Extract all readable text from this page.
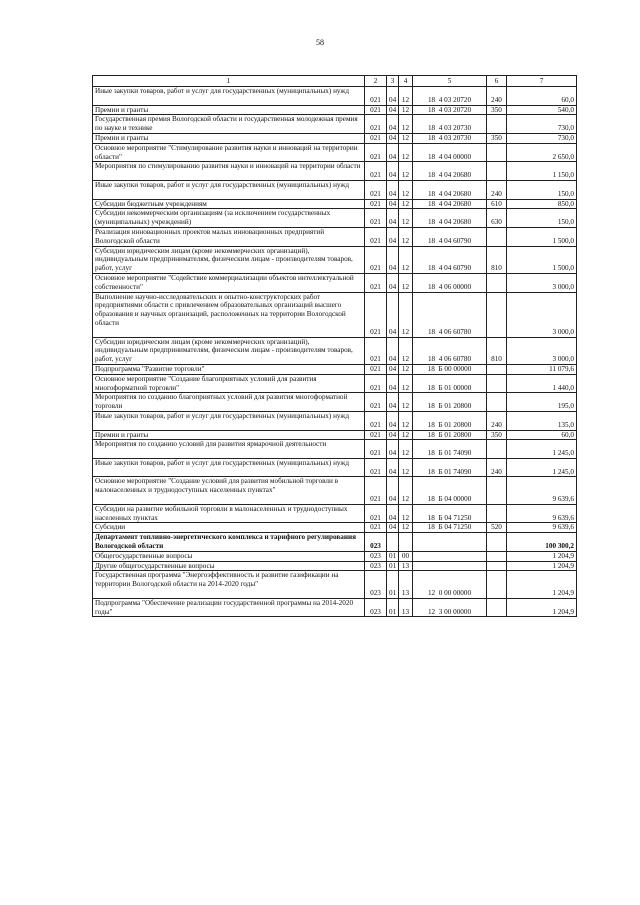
58
1	2	3	4	5	6	7

Иные закупки товаров, работ и услуг для государственных (муниципальных) нужд	021	04	12	18  4 03 20720	240	60,0

Премии и гранты	021	04	12	18  4 03 20720	350	540,0

Государственная премия Вологодской области и государственная молодежная премия по науке и технике	021	04	12	18  4 03 20730		730,0

Премии и гранты	021	04	12	18  4 03 20730	350	730,0

Основное мероприятие "Стимулирование развития науки и инноваций на территории области"	021	04	12	18  4 04 00000		2 650,0

Мероприятия по стимулированию развития науки и инноваций на территории области	021	04	12	18  4 04 20680		1 150,0

Иные закупки товаров, работ и услуг для государственных (муниципальных) нужд	021	04	12	18  4 04 20680	240	150,0

Субсидии бюджетным учреждениям	021	04	12	18  4 04 20680	610	850,0

Субсидии некоммерческим организациям (за исключением государственных (муниципальных) учреждений)	021	04	12	18  4 04 20680	630	150,0

Реализация инновационных проектов малых инновационных предприятий Вологодской области	021	04	12	18  4 04 60790		1 500,0

Субсидии юридическим лицам (кроме некоммерческих организаций), индивидуальным предпринимателям, физическим лицам - производителям товаров, работ, услуг	021	04	12	18  4 04 60790	810	1 500,0

Основное мероприятие "Содействие коммерциализации объектов интеллектуальной собственности"	021	04	12	18  4 06 00000		3 000,0

Выполнение научно-исследовательских и опытно-конструкторских работ предприятиями области с привлечением образовательных организаций высшего образования и научных организаций, расположенных на территории Вологодской области	021	04	12	18  4 06 60780		3 000,0

Субсидии юридическим лицам (кроме некоммерческих организаций), индивидуальным предпринимателям, физическим лицам - производителям товаров, работ, услуг	021	04	12	18  4 06 60780	810	3 000,0

Подпрограмма "Развитие торговли"	021	04	12	18  Б 00 00000		11 079,6

Основное мероприятие "Создание благоприятных условий для развития многоформатной торговли"	021	04	12	18  Б 01 00000		1 440,0

Мероприятия по созданию благоприятных условий для развития многоформатной торговли	021	04	12	18  Б 01 20800		195,0

Иные закупки товаров, работ и услуг для государственных (муниципальных) нужд	021	04	12	18  Б 01 20800	240	135,0

Премии и гранты	021	04	12	18  Б 01 20800	350	60,0

Мероприятия по созданию условий для развития ярмарочной деятельности	021	04	12	18  Б 01 74090		1 245,0

Иные закупки товаров, работ и услуг для государственных (муниципальных) нужд	021	04	12	18  Б 01 74090	240	1 245,0

Основное мероприятие "Создание условий для развития мобильной торговли в малонаселенных и труднодоступных населенных пунктах"	021	04	12	18  Б 04 00000		9 639,6

Субсидии на развитие мобильной торговли в малонаселенных и труднодоступных населенных пунктах	021	04	12	18  Б 04 71250		9 639,6

Субсидии	021	04	12	18  Б 04 71250	520	9 639,6

Департамент топливно-энергетического комплекса и тарифного регулирования Вологодской области	023					100 300,2

Общегосударственные вопросы	023	01	00			1 204,9

Другие общегосударственные вопросы	023	01	13			1 204,9

Государственная программа "Энергоэффективность и развитие газификации на территории Вологодской области на 2014-2020 годы"	023	01	13	12  0 00 00000		1 204,9

Подпрограмма "Обеспечение реализации государственной программы на 2014-2020 годы"	023	01	13	12  3 00 00000		1 204,9
